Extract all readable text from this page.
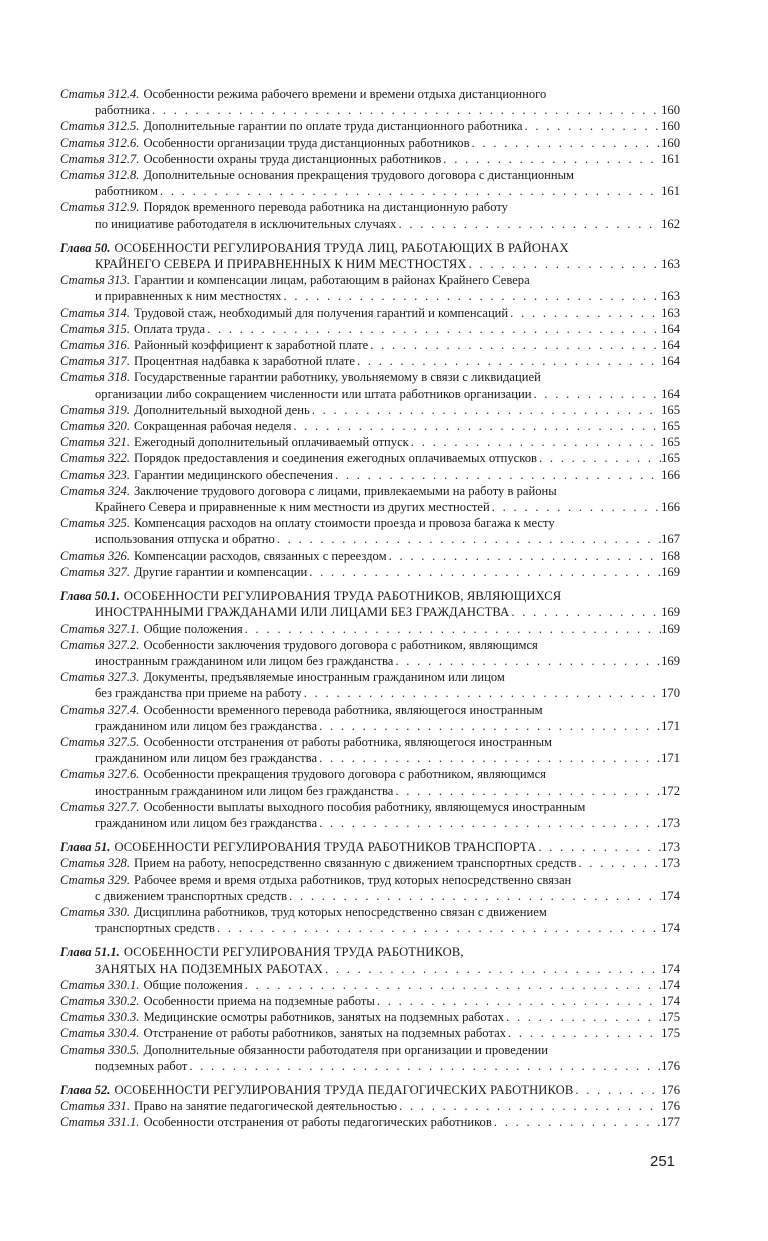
Статья 312.4. Особенности режима рабочего времени и времени отдыха дистанционного
работника . . .	160
Статья 312.5. Дополнительные гарантии по оплате труда дистанционного работника . . .	160
Статья 312.6. Особенности организации труда дистанционных работников . . .	160
Статья 312.7. Особенности охраны труда дистанционных работников . . .	161
Статья 312.8. Дополнительные основания прекращения трудового договора с дистанционным
работником . . .	161
Статья 312.9. Порядок временного перевода работника на дистанционную работу
по инициативе работодателя в исключительных случаях . . .	162
Глава 50. ОСОБЕННОСТИ РЕГУЛИРОВАНИЯ ТРУДА ЛИЦ, РАБОТАЮЩИХ В РАЙОНАХ
КРАЙНЕГО СЕВЕРА И ПРИРАВНЕННЫХ К НИМ МЕСТНОСТЯХ . . .	163
Статья 313. Гарантии и компенсации лицам, работающим в районах Крайнего Севера
и приравненных к ним местностях . . .	163
Статья 314. Трудовой стаж, необходимый для получения гарантий и компенсаций . . .	163
Статья 315. Оплата труда . . .	164
Статья 316. Районный коэффициент к заработной плате . . .	164
Статья 317. Процентная надбавка к заработной плате . . .	164
Статья 318. Государственные гарантии работнику, увольняемому в связи с ликвидацией
организации либо сокращением численности или штата работников организации . . .	164
Статья 319. Дополнительный выходной день . . .	165
Статья 320. Сокращенная рабочая неделя . . .	165
Статья 321. Ежегодный дополнительный оплачиваемый отпуск . . .	165
Статья 322. Порядок предоставления и соединения ежегодных оплачиваемых отпусков . . .	165
Статья 323. Гарантии медицинского обеспечения . . .	166
Статья 324. Заключение трудового договора с лицами, привлекаемыми на работу в районы
Крайнего Севера и приравненные к ним местности из других местностей . . .	166
Статья 325. Компенсация расходов на оплату стоимости проезда и провоза багажа к месту
использования отпуска и обратно . . .	167
Статья 326. Компенсации расходов, связанных с переездом . . .	168
Статья 327. Другие гарантии и компенсации . . .	169
Глава 50.1. ОСОБЕННОСТИ РЕГУЛИРОВАНИЯ ТРУДА РАБОТНИКОВ, ЯВЛЯЮЩИХСЯ
ИНОСТРАННЫМИ ГРАЖДАНАМИ ИЛИ ЛИЦАМИ БЕЗ ГРАЖДАНСТВА . . .	169
Статья 327.1. Общие положения . . .	169
Статья 327.2. Особенности заключения трудового договора с работником, являющимся
иностранным гражданином или лицом без гражданства . . .	169
Статья 327.3. Документы, предъявляемые иностранным гражданином или лицом
без гражданства при приеме на работу . . .	170
Статья 327.4. Особенности временного перевода работника, являющегося иностранным
гражданином или лицом без гражданства . . .	171
Статья 327.5. Особенности отстранения от работы работника, являющегося иностранным
гражданином или лицом без гражданства . . .	171
Статья 327.6. Особенности прекращения трудового договора с работником, являющимся
иностранным гражданином или лицом без гражданства . . .	172
Статья 327.7. Особенности выплаты выходного пособия работнику, являющемуся иностранным
гражданином или лицом без гражданства . . .	173
Глава 51. ОСОБЕННОСТИ РЕГУЛИРОВАНИЯ ТРУДА РАБОТНИКОВ ТРАНСПОРТА . . .	173
Статья 328. Прием на работу, непосредственно связанную с движением транспортных средств . . .	173
Статья 329. Рабочее время и время отдыха работников, труд которых непосредственно связан
с движением транспортных средств . . .	174
Статья 330. Дисциплина работников, труд которых непосредственно связан с движением
транспортных средств . . .	174
Глава 51.1. ОСОБЕННОСТИ РЕГУЛИРОВАНИЯ ТРУДА РАБОТНИКОВ,
ЗАНЯТЫХ НА ПОДЗЕМНЫХ РАБОТАХ . . .	174
Статья 330.1. Общие положения . . .	174
Статья 330.2. Особенности приема на подземные работы . . .	174
Статья 330.3. Медицинские осмотры работников, занятых на подземных работах . . .	175
Статья 330.4. Отстранение от работы работников, занятых на подземных работах . . .	175
Статья 330.5. Дополнительные обязанности работодателя при организации и проведении
подземных работ . . .	176
Глава 52. ОСОБЕННОСТИ РЕГУЛИРОВАНИЯ ТРУДА ПЕДАГОГИЧЕСКИХ РАБОТНИКОВ . . .	176
Статья 331. Право на занятие педагогической деятельностью . . .	176
Статья 331.1. Особенности отстранения от работы педагогических работников . . .	177
251
